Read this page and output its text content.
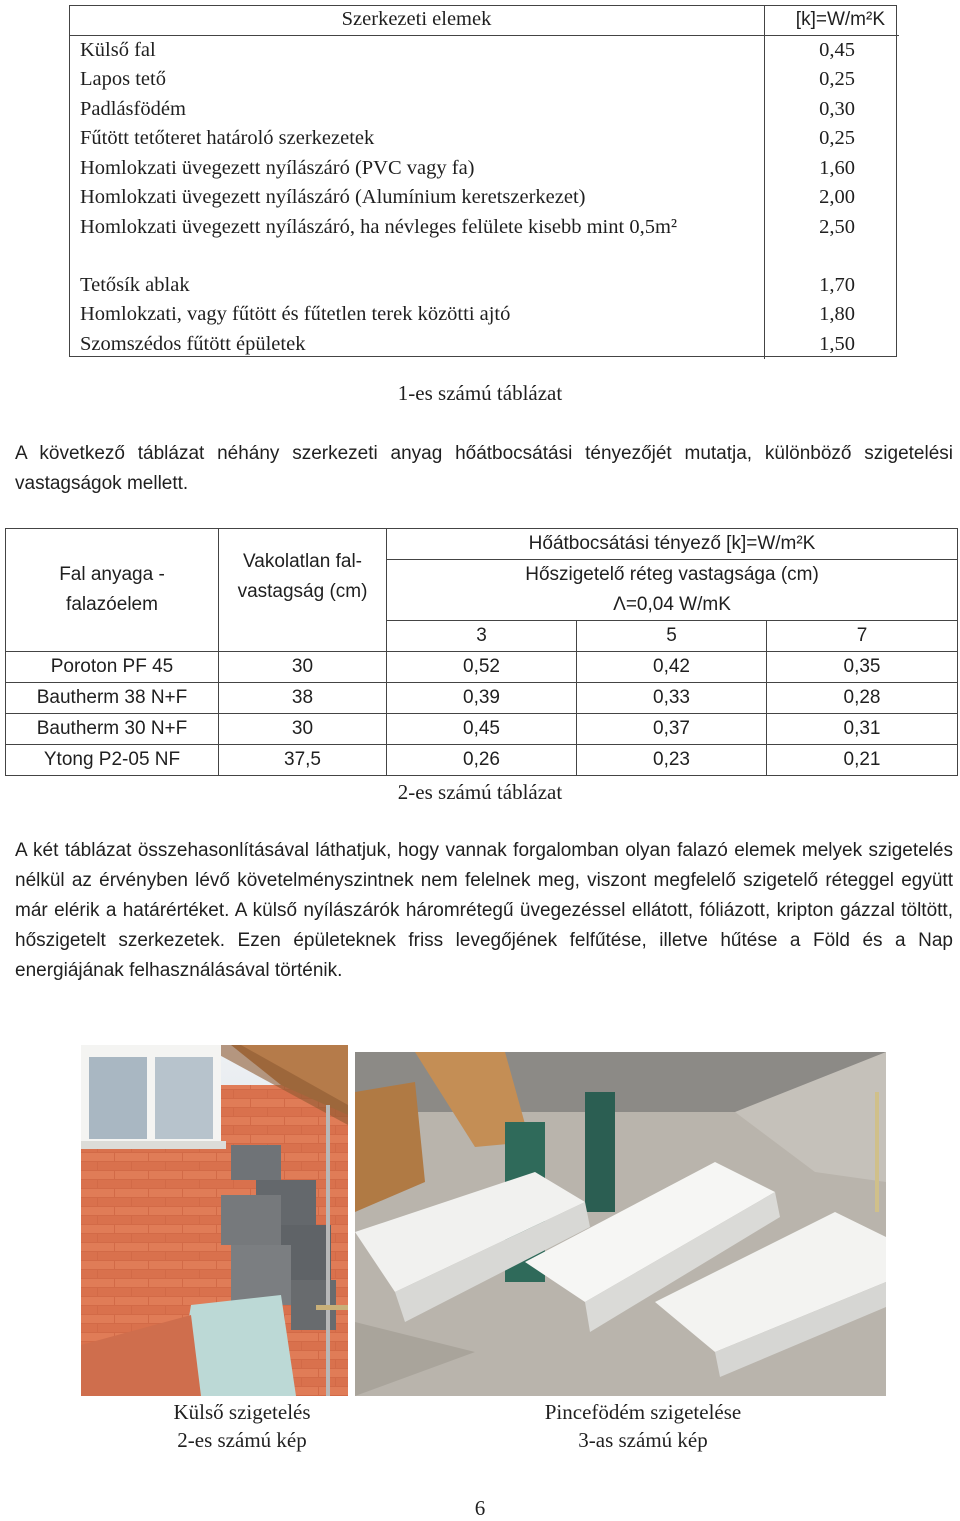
Szerkezeti elemek	[k]=W/m²K
Külső fal	0,45
Lapos tető	0,25
Padlásfödém	0,30
Fűtött tetőteret határoló szerkezetek	0,25
Homlokzati üvegezett nyílászáró (PVC vagy fa)	1,60
Homlokzati üvegezett nyílászáró (Alumínium keretszerkezet)	2,00
Homlokzati üvegezett nyílászáró, ha névleges felülete kisebb mint 0,5m²	2,50
Tetősík ablak	1,70
Homlokzati, vagy fűtött és fűtetlen terek közötti ajtó	1,80
Szomszédos fűtött épületek	1,50
1-es számú táblázat

A következő táblázat néhány szerkezeti anyag hőátbocsátási tényezőjét mutatja, különböző szigetelési vastagságok mellett.

Fal anyaga - falazóelem	Vakolatlan fal-vastagság (cm)	Hőátbocsátási tényező [k]=W/m²K		
		Hőszigetelő réteg vastagsága (cm)		
		Λ=0,04 W/mK		
		3	5	7
Poroton PF 45	30	0,52	0,42	0,35
Bautherm 38 N+F	38	0,39	0,33	0,28
Bautherm 30 N+F	30	0,45	0,37	0,31
Ytong P2-05 NF	37,5	0,26	0,23	0,21
2-es számú táblázat

A két táblázat összehasonlításával láthatjuk, hogy vannak forgalomban olyan falazó elemek melyek szigetelés nélkül az érvényben lévő követelményszintnek nem felelnek meg, viszont megfelelő szigetelő réteggel együtt már elérik a határértéket. A külső nyílászárók háromrétegű üvegezéssel ellátott, fóliázott, kripton gázzal töltött, hőszigetelt szerkezetek. Ezen épületeknek friss levegőjének felfűtése, illetve hűtése a Föld és a Nap energiájának felhasználásával történik.

Külső szigetelés
2-es számú kép
Pincefödém szigetelése
3-as számú kép
6
